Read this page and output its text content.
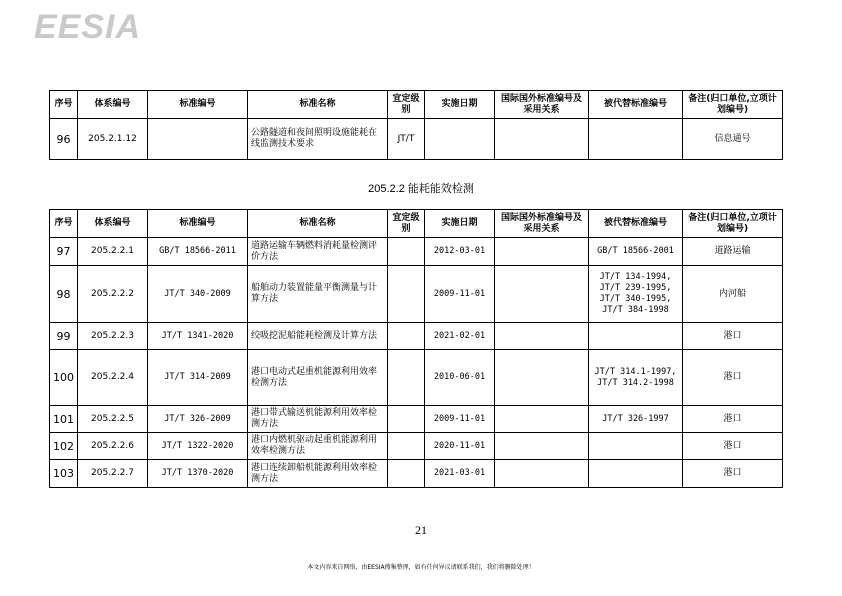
EESIA
序号	体系编号	标准编号	标准名称	宜定级别	实施日期	国际国外标准编号及采用关系	被代替标准编号	备注(归口单位,立项计划编号)
96	205.2.1.12		公路隧道和夜间照明设施能耗在线监测技术要求	JT/T				信息通号
205.2.2 能耗能效检测
序号	体系编号	标准编号	标准名称	宜定级别	实施日期	国际国外标准编号及采用关系	被代替标准编号	备注(归口单位,立项计划编号)
97	205.2.2.1	GB/T 18566-2011	道路运输车辆燃料消耗量检测评价方法		2012-03-01		GB/T 18566-2001	道路运输
98	205.2.2.2	JT/T 340-2009	船舶动力装置能量平衡测量与计算方法		2009-11-01		JT/T 134-1994, JT/T 239-1995, JT/T 340-1995, JT/T 384-1998	内河船
99	205.2.2.3	JT/T 1341-2020	绞吸挖泥船能耗检测及计算方法		2021-02-01			港口
100	205.2.2.4	JT/T 314-2009	港口电动式起重机能源利用效率检测方法		2010-06-01		JT/T 314.1-1997, JT/T 314.2-1998	港口
101	205.2.2.5	JT/T 326-2009	港口带式输送机能源利用效率检测方法		2009-11-01		JT/T 326-1997	港口
102	205.2.2.6	JT/T 1322-2020	港口内燃机驱动起重机能源利用效率检测方法		2020-11-01			港口
103	205.2.2.7	JT/T 1370-2020	港口连续卸船机能源利用效率检测方法		2021-03-01			港口
21
本文内容来自网络，由EESIA搜集整理，如有任何异议请联系我们，我们将删除处理！
